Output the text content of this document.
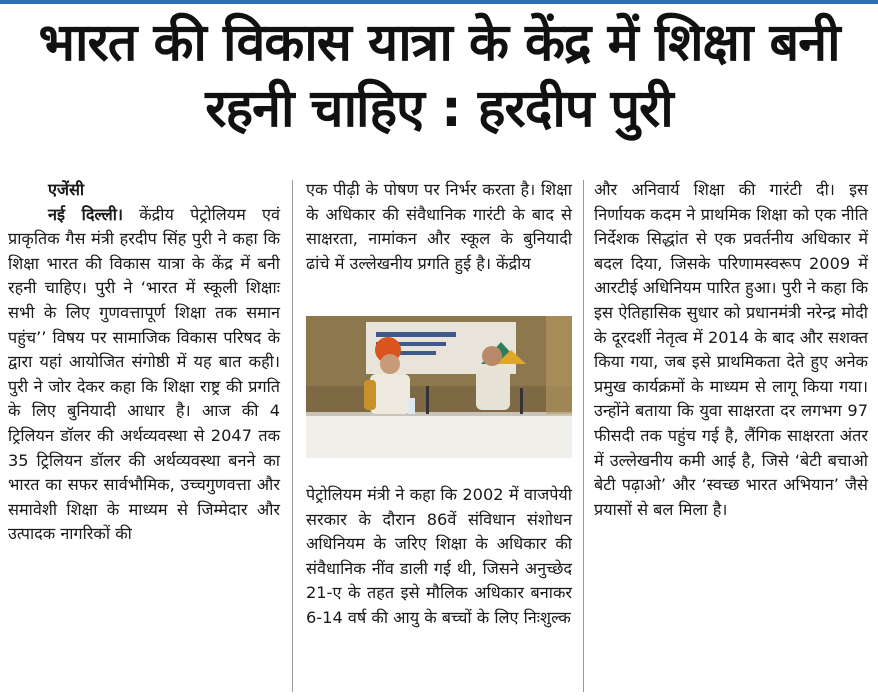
भारत की विकास यात्रा के केंद्र में शिक्षा बनी
रहनी चाहिए : हरदीप पुरी
एजेंसी

नई दिल्ली। केंद्रीय पेट्रोलियम एवं प्राकृतिक गैस मंत्री हरदीप सिंह पुरी ने कहा कि शिक्षा भारत की विकास यात्रा के केंद्र में बनी रहनी चाहिए। पुरी ने ‘भारत में स्कूली शिक्षाः सभी के लिए गुणवत्तापूर्ण शिक्षा तक समान पहुंच’’ विषय पर सामाजिक विकास परिषद के द्वारा यहां आयोजित संगोष्ठी में यह बात कही। पुरी ने जोर देकर कहा कि शिक्षा राष्ट्र की प्रगति के लिए बुनियादी आधार है। आज की 4 ट्रिलियन डॉलर की अर्थव्यवस्था से 2047 तक 35 ट्रिलियन डॉलर की अर्थव्यवस्था बनने का भारत का सफर सार्वभौमिक, उच्चगुणवत्ता और समावेशी शिक्षा के माध्यम से जिम्मेदार और उत्पादक नागरिकों की

एक पीढ़ी के पोषण पर निर्भर करता है। शिक्षा के अधिकार की संवैधानिक गारंटी के बाद से साक्षरता, नामांकन और स्कूल के बुनियादी ढांचे में उल्लेखनीय प्रगति हुई है। केंद्रीय

पेट्रोलियम मंत्री ने कहा कि 2002 में वाजपेयी सरकार के दौरान 86वें संविधान संशोधन अधिनियम के जरिए शिक्षा के अधिकार की संवैधानिक नींव डाली गई थी, जिसने अनुच्छेद 21-ए के तहत इसे मौलिक अधिकार बनाकर 6-14 वर्ष की आयु के बच्चों के लिए निःशुल्क

और अनिवार्य शिक्षा की गारंटी दी। इस निर्णायक कदम ने प्राथमिक शिक्षा को एक नीति निर्देशक सिद्धांत से एक प्रवर्तनीय अधिकार में बदल दिया, जिसके परिणामस्वरूप 2009 में आरटीई अधिनियम पारित हुआ। पुरी ने कहा कि इस ऐतिहासिक सुधार को प्रधानमंत्री नरेन्द्र मोदी के दूरदर्शी नेतृत्व में 2014 के बाद और सशक्त किया गया, जब इसे प्राथमिकता देते हुए अनेक प्रमुख कार्यक्रमों के माध्यम से लागू किया गया। उन्होंने बताया कि युवा साक्षरता दर लगभग 97 फीसदी तक पहुंच गई है, लैंगिक साक्षरता अंतर में उल्लेखनीय कमी आई है, जिसे ‘बेटी बचाओ बेटी पढ़ाओ’ और ‘स्वच्छ भारत अभियान’ जैसे प्रयासों से बल मिला है।
